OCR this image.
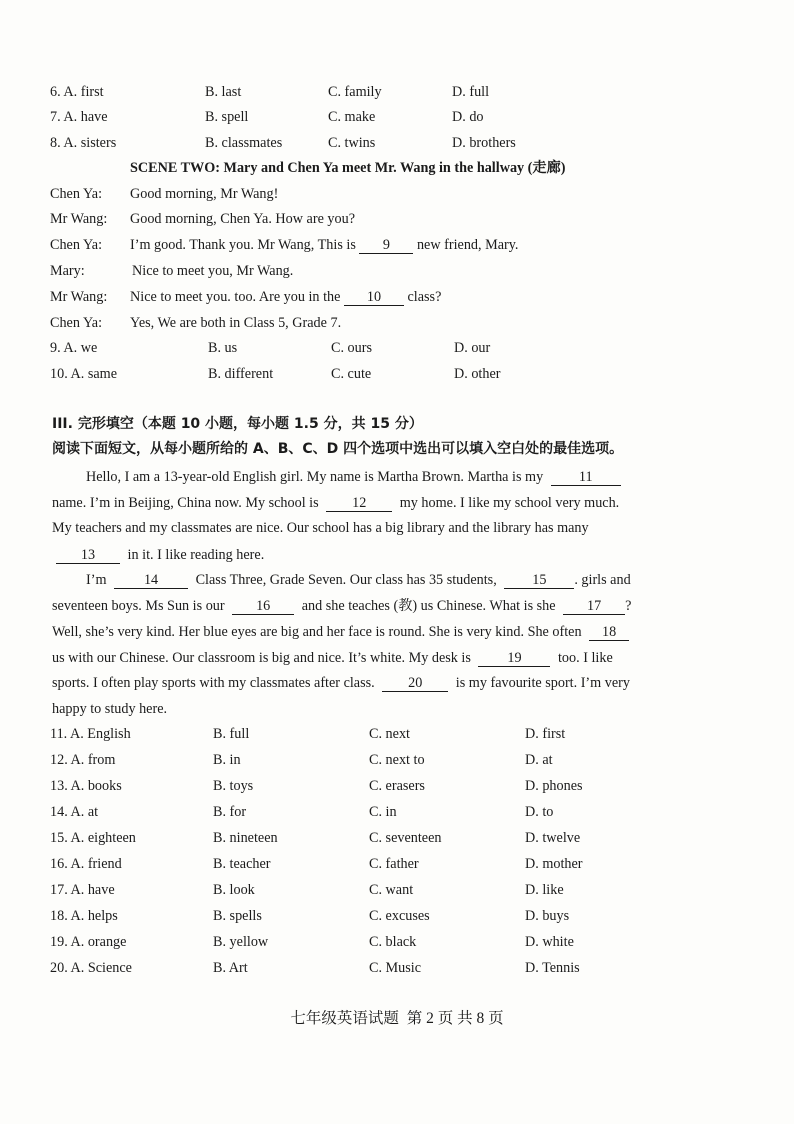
6. A. first	B. last	C. family	D. full
7. A. have	B. spell	C. make	D. do
8. A. sisters	B. classmates	C. twins	D. brothers
SCENE TWO: Mary and Chen Ya meet Mr. Wang in the hallway (走廊)
Chen Ya: Good morning, Mr Wang!
Mr Wang: Good morning, Chen Ya. How are you?
Chen Ya: I’m good. Thank you. Mr Wang, This is 9 new friend, Mary.
Mary:	Nice to meet you, Mr Wang.
Mr Wang: Nice to meet you. too. Are you in the 10 class?
Chen Ya: Yes, We are both in Class 5, Grade 7.
9. A. we	B. us	C. ours	D. our
10. A. same	B. different	C. cute	D. other
III. 完形填空（本题 10 小题，每小题 1.5 分，共 15 分）
阅读下面短文，从每小题所给的 A、B、C、D 四个选项中选出可以填入空白处的最佳选项。
Hello, I am a 13-year-old English girl. My name is Martha Brown. Martha is my	11
name. I’m in Beijing, China now. My school is 12 my home. I like my school very much.
My teachers and my classmates are nice. Our school has a big library and the library has many
13 in it. I like reading here.
I’m	14	Class Three, Grade Seven. Our class has 35 students, 15 . girls and
seventeen boys. Ms Sun is our 16 and she teaches (教) us Chinese. What is she 17 ?
Well, she’s very kind. Her blue eyes are big and her face is round. She is very kind. She often 18
us with our Chinese. Our classroom is big and nice. It’s white. My desk is	19	too. I like
sports. I often play sports with my classmates after class. 20 is my favourite sport. I’m very
happy to study here.
11. A. English	B. full	C. next	D. first
12. A. from	B. in	C. next to	D. at
13. A. books	B. toys	C. erasers	D. phones
14. A. at	B. for	C. in	D. to
15. A. eighteen	B. nineteen	C. seventeen	D. twelve
16. A. friend	B. teacher	C. father	D. mother
17. A. have	B. look	C. want	D. like
18. A. helps	B. spells	C. excuses	D. buys
19. A. orange	B. yellow	C. black	D. white
20. A. Science	B. Art	C. Music	D. Tennis
七年级英语试题 第 2 页 共 8 页
